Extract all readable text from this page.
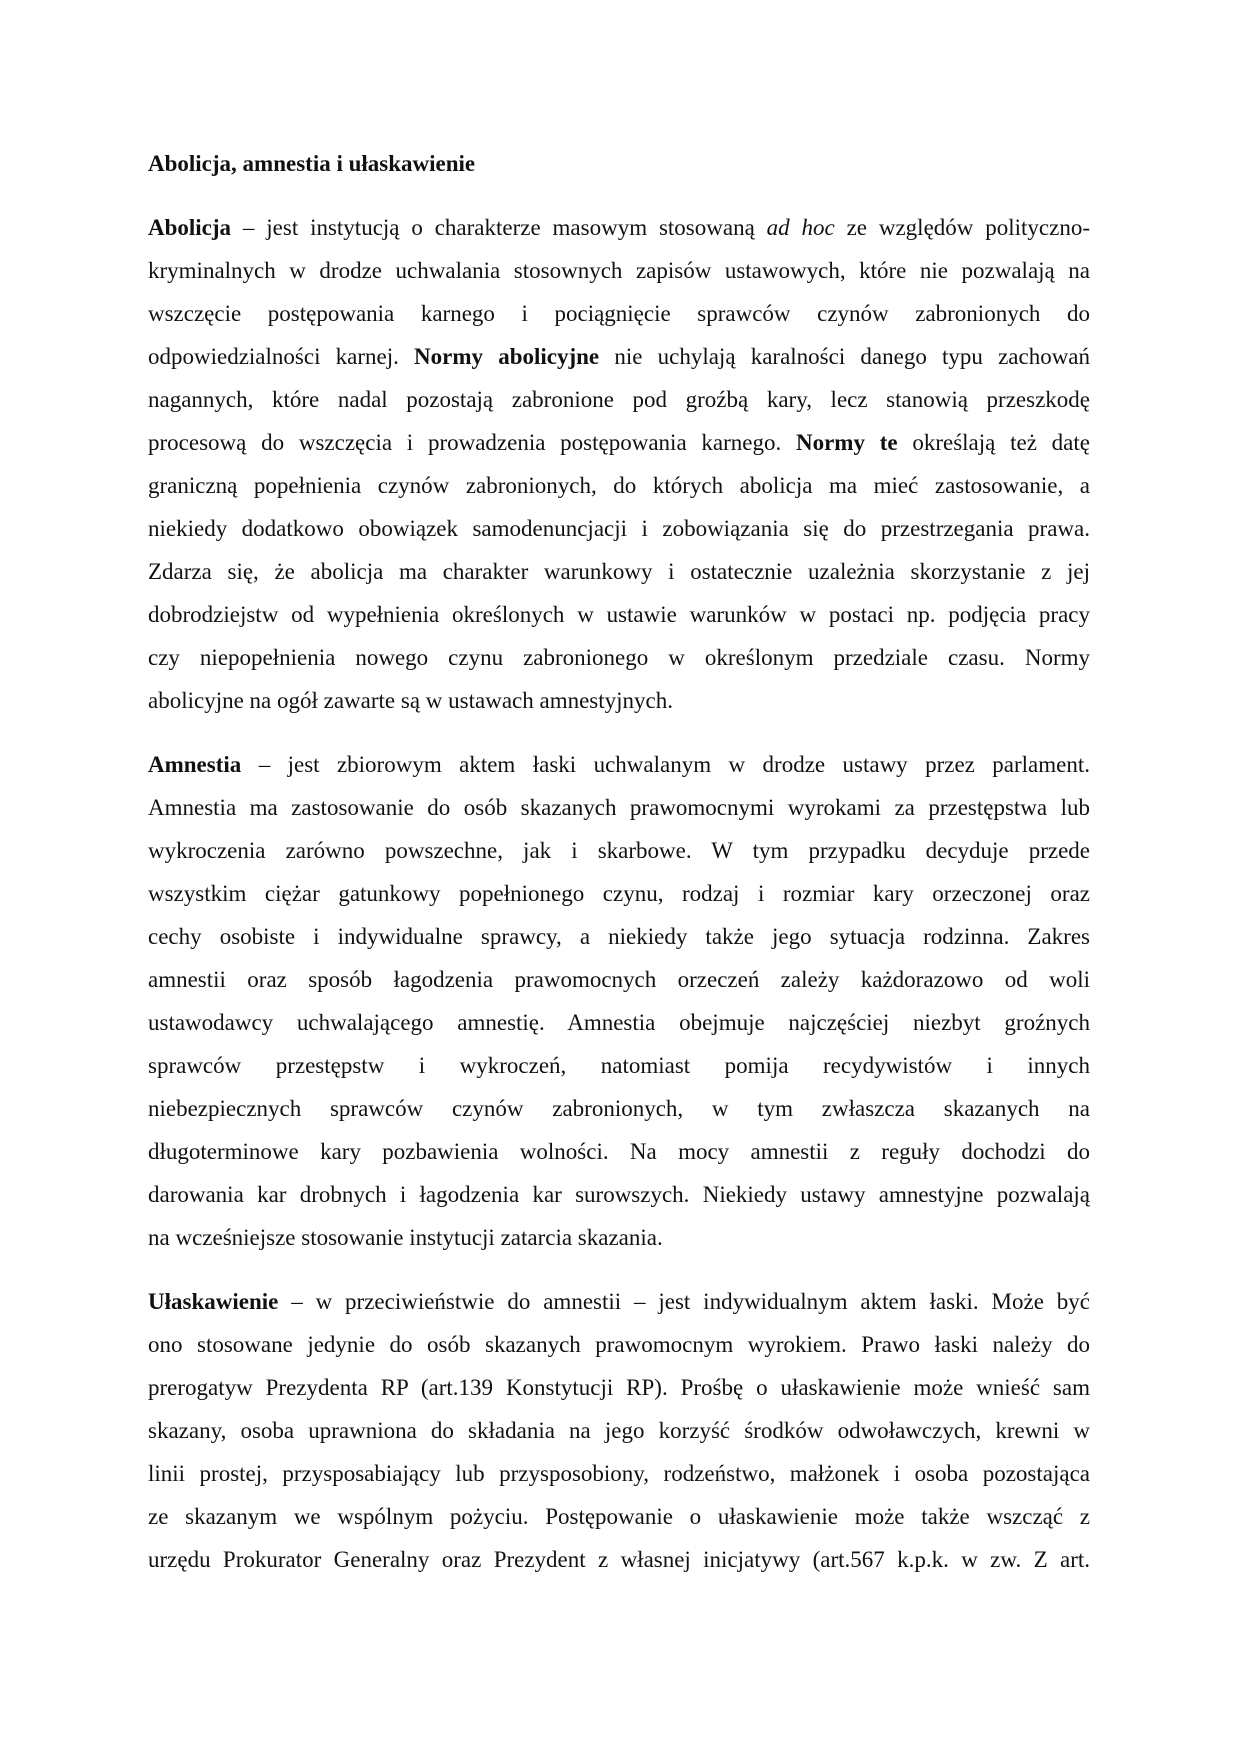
Abolicja, amnestia i ułaskawienie
Abolicja – jest instytucją o charakterze masowym stosowaną ad hoc ze względów polityczno-
kryminalnych w drodze uchwalania stosownych zapisów ustawowych, które nie pozwalają na
wszczęcie postępowania karnego i pociągnięcie sprawców czynów zabronionych do
odpowiedzialności karnej. Normy abolicyjne nie uchylają karalności danego typu zachowań
nagannych, które nadal pozostają zabronione pod groźbą kary, lecz stanowią przeszkodę
procesową do wszczęcia i prowadzenia postępowania karnego. Normy te określają też datę
graniczną popełnienia czynów zabronionych, do których abolicja ma mieć zastosowanie, a
niekiedy dodatkowo obowiązek samodenuncjacji i zobowiązania się do przestrzegania prawa.
Zdarza się, że abolicja ma charakter warunkowy i ostatecznie uzależnia skorzystanie z jej
dobrodziejstw od wypełnienia określonych w ustawie warunków w postaci np. podjęcia pracy
czy niepopełnienia nowego czynu zabronionego w określonym przedziale czasu. Normy
abolicyjne na ogół zawarte są w ustawach amnestyjnych.
Amnestia – jest zbiorowym aktem łaski uchwalanym w drodze ustawy przez parlament.
Amnestia ma zastosowanie do osób skazanych prawomocnymi wyrokami za przestępstwa lub
wykroczenia zarówno powszechne, jak i skarbowe. W tym przypadku decyduje przede
wszystkim ciężar gatunkowy popełnionego czynu, rodzaj i rozmiar kary orzeczonej oraz
cechy osobiste i indywidualne sprawcy, a niekiedy także jego sytuacja rodzinna. Zakres
amnestii oraz sposób łagodzenia prawomocnych orzeczeń zależy każdorazowo od woli
ustawodawcy uchwalającego amnestię. Amnestia obejmuje najczęściej niezbyt groźnych
sprawców przestępstw i wykroczeń, natomiast pomija recydywistów i innych
niebezpiecznych sprawców czynów zabronionych, w tym zwłaszcza skazanych na
długoterminowe kary pozbawienia wolności. Na mocy amnestii z reguły dochodzi do
darowania kar drobnych i łagodzenia kar surowszych. Niekiedy ustawy amnestyjne pozwalają
na wcześniejsze stosowanie instytucji zatarcia skazania.
Ułaskawienie – w przeciwieństwie do amnestii – jest indywidualnym aktem łaski. Może być
ono stosowane jedynie do osób skazanych prawomocnym wyrokiem. Prawo łaski należy do
prerogatyw Prezydenta RP (art.139 Konstytucji RP). Prośbę o ułaskawienie może wnieść sam
skazany, osoba uprawniona do składania na jego korzyść środków odwoławczych, krewni w
linii prostej, przysposabiający lub przysposobiony, rodzeństwo, małżonek i osoba pozostająca
ze skazanym we wspólnym pożyciu. Postępowanie o ułaskawienie może także wszcząć z
urzędu Prokurator Generalny oraz Prezydent z własnej inicjatywy (art.567 k.p.k. w zw. Z art.
